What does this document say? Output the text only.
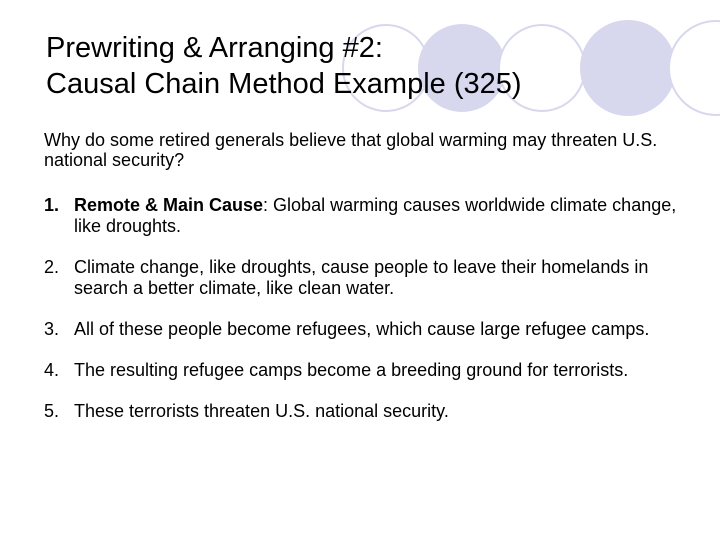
Prewriting & Arranging #2:
Causal Chain Method Example (325)
Why do some retired generals believe that global warming may threaten U.S. national security?
1. Remote & Main Cause: Global warming causes worldwide climate change, like droughts.
2. Climate change, like droughts, cause people to leave their homelands in search a better climate, like clean water.
3. All of these people become refugees, which cause large refugee camps.
4. The resulting refugee camps become a breeding ground for terrorists.
5. These terrorists threaten U.S. national security.
